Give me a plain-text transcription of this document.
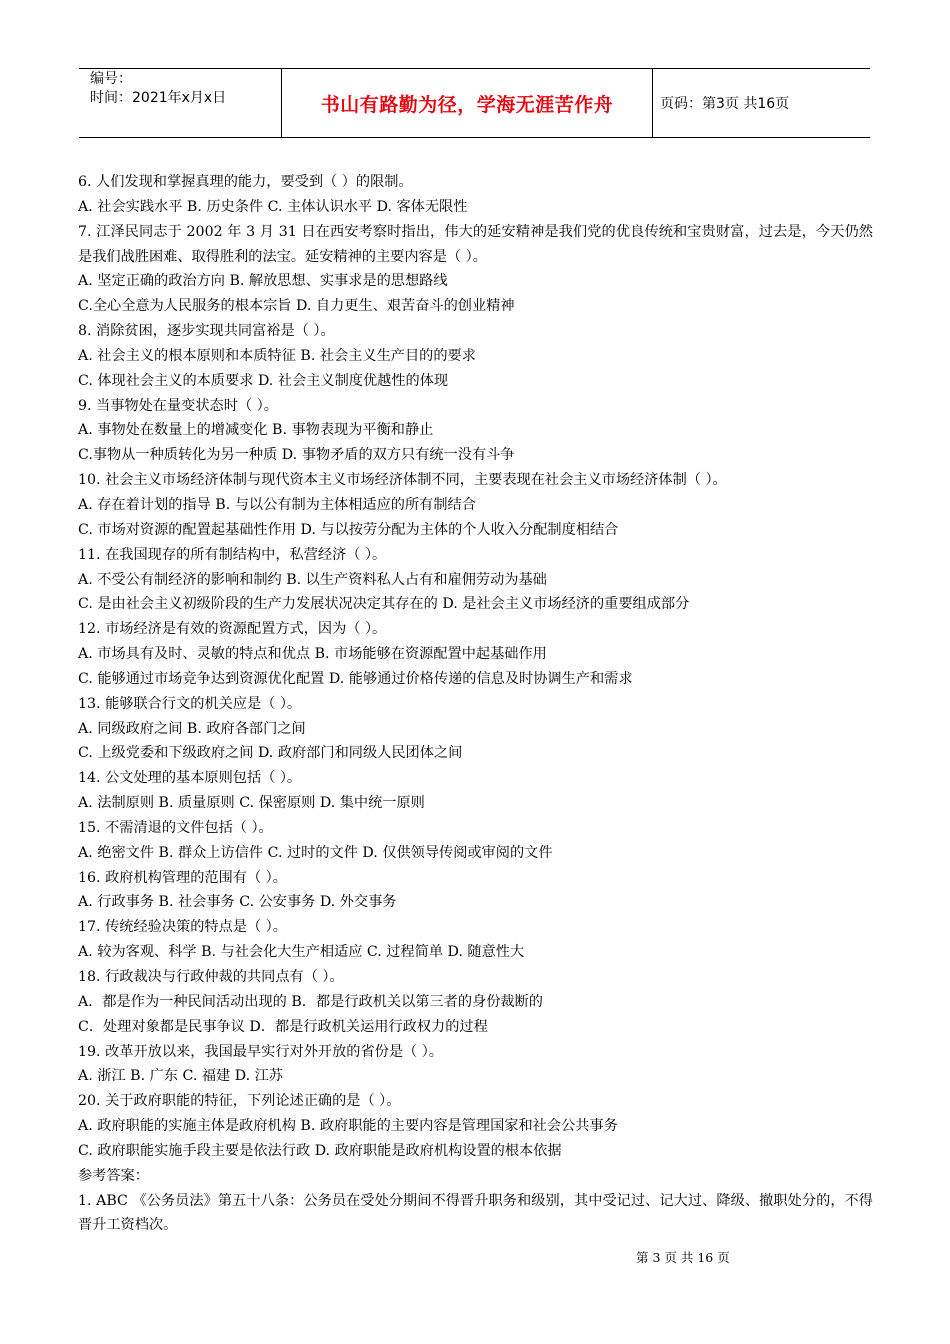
编号：
时间：2021年x月x日	书山有路勤为径，学海无涯苦作舟	页码：第3页 共16页
6. 人们发现和掌握真理的能力，要受到（ ）的限制。
A. 社会实践水平 B. 历史条件 C. 主体认识水平 D. 客体无限性
7. 江泽民同志于 2002 年 3 月 31 日在西安考察时指出，伟大的延安精神是我们党的优良传统和宝贵财富，过去是，今天仍然是我们战胜困难、取得胜利的法宝。延安精神的主要内容是（ ）。
A. 坚定正确的政治方向 B. 解放思想、实事求是的思想路线
C.全心全意为人民服务的根本宗旨 D. 自力更生、艰苦奋斗的创业精神
8. 消除贫困，逐步实现共同富裕是（ ）。
A. 社会主义的根本原则和本质特征 B. 社会主义生产目的的要求
C. 体现社会主义的本质要求 D. 社会主义制度优越性的体现
9. 当事物处在量变状态时（ ）。
A. 事物处在数量上的增减变化 B. 事物表现为平衡和静止
C.事物从一种质转化为另一种质 D. 事物矛盾的双方只有统一没有斗争
10. 社会主义市场经济体制与现代资本主义市场经济体制不同，主要表现在社会主义市场经济体制（ ）。
A. 存在着计划的指导 B. 与以公有制为主体相适应的所有制结合
C. 市场对资源的配置起基础性作用 D. 与以按劳分配为主体的个人收入分配制度相结合
11. 在我国现存的所有制结构中，私营经济（ ）。
A. 不受公有制经济的影响和制约 B. 以生产资料私人占有和雇佣劳动为基础
C. 是由社会主义初级阶段的生产力发展状况决定其存在的 D. 是社会主义市场经济的重要组成部分
12. 市场经济是有效的资源配置方式，因为（ ）。
A. 市场具有及时、灵敏的特点和优点 B. 市场能够在资源配置中起基础作用
C. 能够通过市场竞争达到资源优化配置 D. 能够通过价格传递的信息及时协调生产和需求
13. 能够联合行文的机关应是（ ）。
A. 同级政府之间 B. 政府各部门之间
C. 上级党委和下级政府之间 D. 政府部门和同级人民团体之间
14. 公文处理的基本原则包括（ ）。
A. 法制原则 B. 质量原则 C. 保密原则 D. 集中统一原则
15. 不需清退的文件包括（ ）。
A. 绝密文件 B. 群众上访信件 C. 过时的文件 D. 仅供领导传阅或审阅的文件
16. 政府机构管理的范围有（ ）。
A. 行政事务 B. 社会事务 C. 公安事务 D. 外交事务
17. 传统经验决策的特点是（ ）。
A. 较为客观、科学 B. 与社会化大生产相适应 C. 过程简单 D. 随意性大
18. 行政裁决与行政仲裁的共同点有（ ）。
A．都是作为一种民间活动出现的 B．都是行政机关以第三者的身份裁断的
C．处理对象都是民事争议 D．都是行政机关运用行政权力的过程
19. 改革开放以来，我国最早实行对外开放的省份是（ ）。
A. 浙江 B. 广东 C. 福建 D. 江苏
20. 关于政府职能的特征，下列论述正确的是（ ）。
A. 政府职能的实施主体是政府机构 B. 政府职能的主要内容是管理国家和社会公共事务
C. 政府职能实施手段主要是依法行政 D. 政府职能是政府机构设置的根本依据
参考答案：
1. ABC 《公务员法》第五十八条：公务员在受处分期间不得晋升职务和级别，其中受记过、记大过、降级、撤职处分的，不得晋升工资档次。
第 3 页 共 16 页
